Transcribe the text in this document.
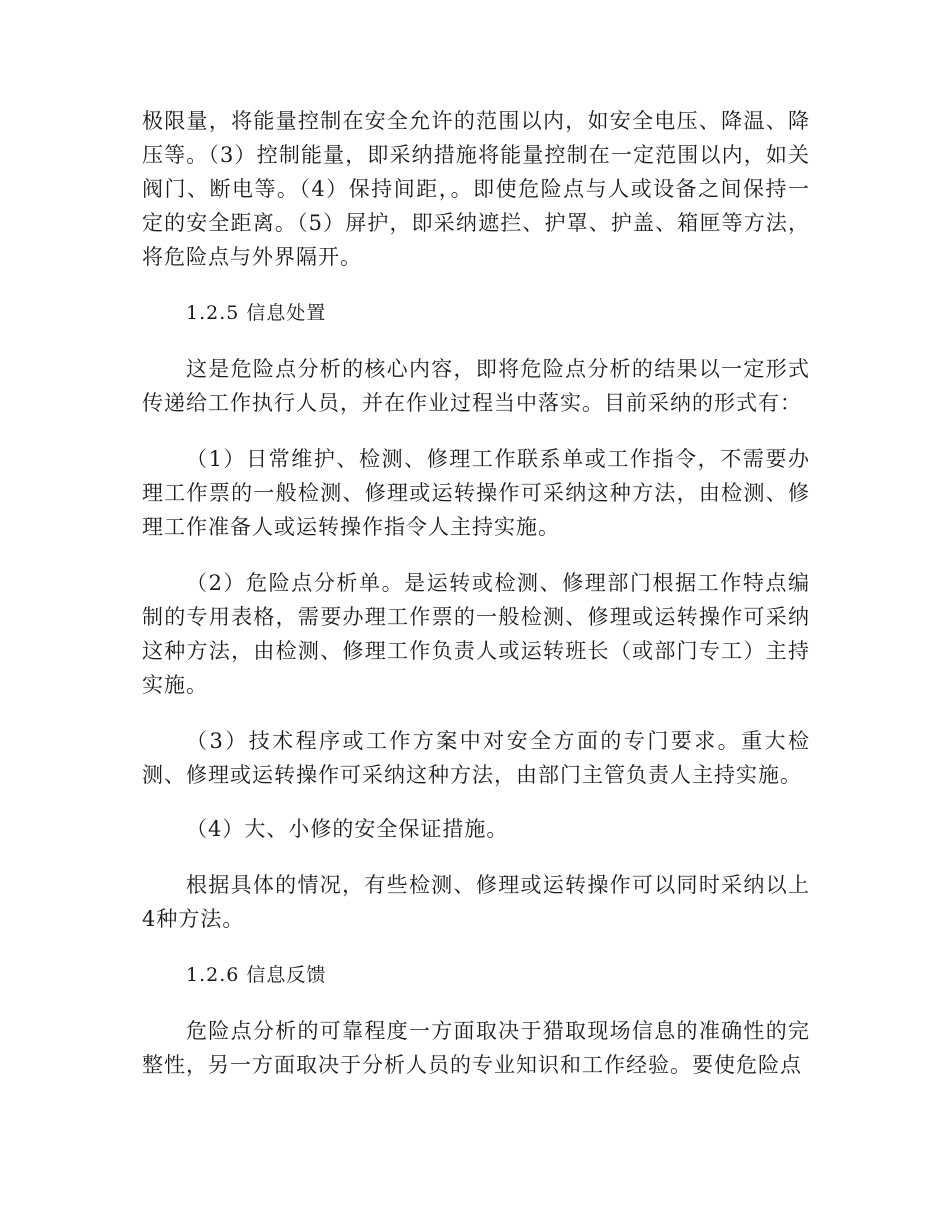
极限量，将能量控制在安全允许的范围以内，如安全电压、降温、降压等。（3）控制能量，即采纳措施将能量控制在一定范围以内，如关阀门、断电等。（4）保持间距，。即使危险点与人或设备之间保持一定的安全距离。（5）屏护，即采纳遮拦、护罩、护盖、箱匣等方法，将危险点与外界隔开。

1.2.5 信息处置

这是危险点分析的核心内容，即将危险点分析的结果以一定形式传递给工作执行人员，并在作业过程当中落实。目前采纳的形式有：

（1）日常维护、检测、修理工作联系单或工作指令，不需要办理工作票的一般检测、修理或运转操作可采纳这种方法，由检测、修理工作准备人或运转操作指令人主持实施。

（2）危险点分析单。是运转或检测、修理部门根据工作特点编制的专用表格，需要办理工作票的一般检测、修理或运转操作可采纳这种方法，由检测、修理工作负责人或运转班长（或部门专工）主持实施。

（3）技术程序或工作方案中对安全方面的专门要求。重大检测、修理或运转操作可采纳这种方法，由部门主管负责人主持实施。

（4）大、小修的安全保证措施。

根据具体的情况，有些检测、修理或运转操作可以同时采纳以上4种方法。

1.2.6 信息反馈

危险点分析的可靠程度一方面取决于猎取现场信息的准确性的完整性，另一方面取决于分析人员的专业知识和工作经验。要使危险点
